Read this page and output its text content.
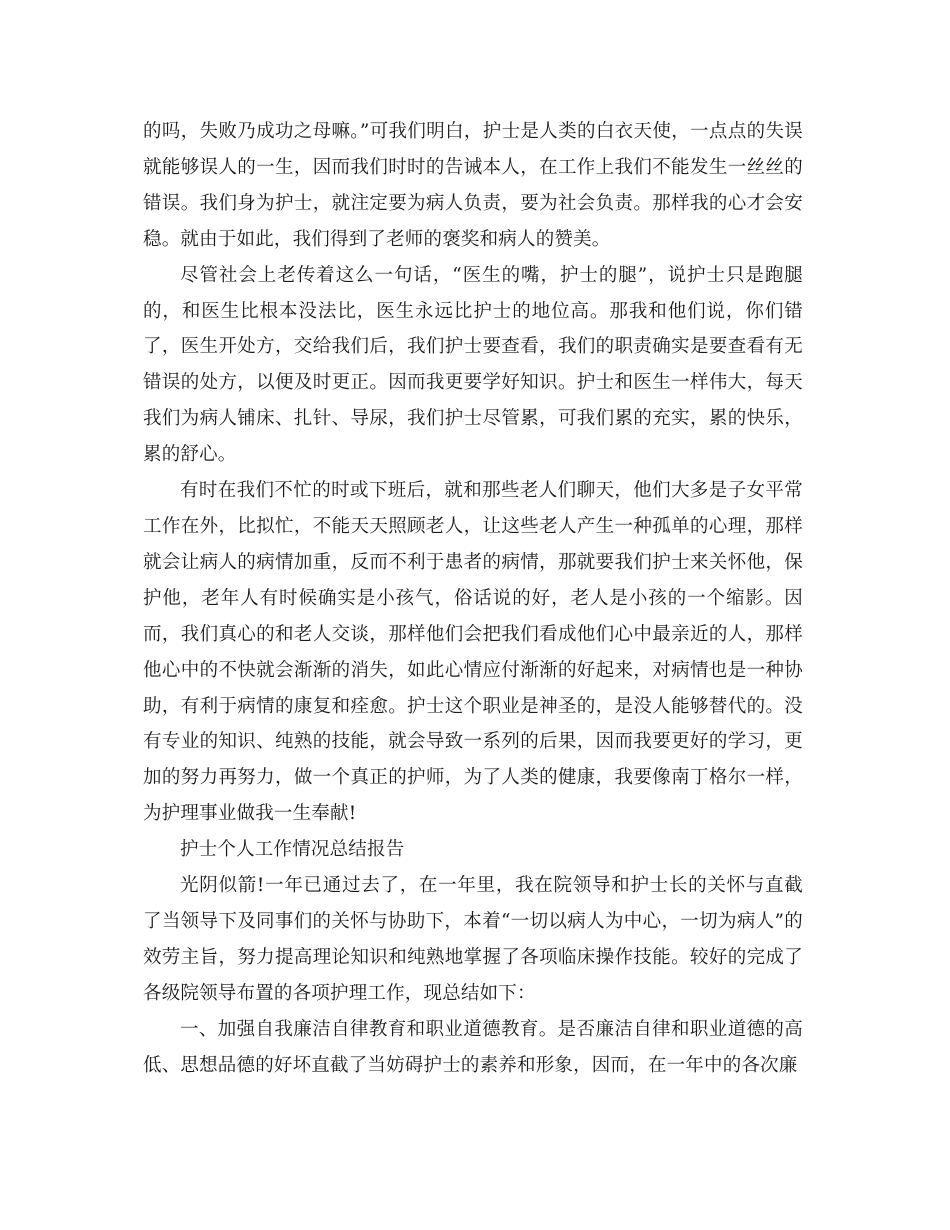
的吗，失败乃成功之母嘛。”可我们明白，护士是人类的白衣天使，一点点的失误就能够误人的一生，因而我们时时的告诫本人，在工作上我们不能发生一丝丝的错误。我们身为护士，就注定要为病人负责，要为社会负责。那样我的心才会安稳。就由于如此，我们得到了老师的褒奖和病人的赞美。

尽管社会上老传着这么一句话，“医生的嘴，护士的腿”，说护士只是跑腿的，和医生比根本没法比，医生永远比护士的地位高。那我和他们说，你们错了，医生开处方，交给我们后，我们护士要查看，我们的职责确实是要查看有无错误的处方，以便及时更正。因而我更要学好知识。护士和医生一样伟大，每天我们为病人铺床、扎针、导尿，我们护士尽管累，可我们累的充实，累的快乐，累的舒心。

有时在我们不忙的时或下班后，就和那些老人们聊天，他们大多是子女平常工作在外，比拟忙，不能天天照顾老人，让这些老人产生一种孤单的心理，那样就会让病人的病情加重，反而不利于患者的病情，那就要我们护士来关怀他，保护他，老年人有时候确实是小孩气，俗话说的好，老人是小孩的一个缩影。因而，我们真心的和老人交谈，那样他们会把我们看成他们心中最亲近的人，那样他心中的不快就会渐渐的消失，如此心情应付渐渐的好起来，对病情也是一种协助，有利于病情的康复和痊愈。护士这个职业是神圣的，是没人能够替代的。没有专业的知识、纯熟的技能，就会导致一系列的后果，因而我要更好的学习，更加的努力再努力，做一个真正的护师，为了人类的健康，我要像南丁格尔一样，为护理事业做我一生奉献!

护士个人工作情况总结报告

光阴似箭!一年已通过去了，在一年里，我在院领导和护士长的关怀与直截了当领导下及同事们的关怀与协助下，本着“一切以病人为中心，一切为病人”的效劳主旨，努力提高理论知识和纯熟地掌握了各项临床操作技能。较好的完成了各级院领导布置的各项护理工作，现总结如下：

一、加强自我廉洁自律教育和职业道德教育。是否廉洁自律和职业道德的高低、思想品德的好坏直截了当妨碍护士的素养和形象，因而，在一年中的各次廉
